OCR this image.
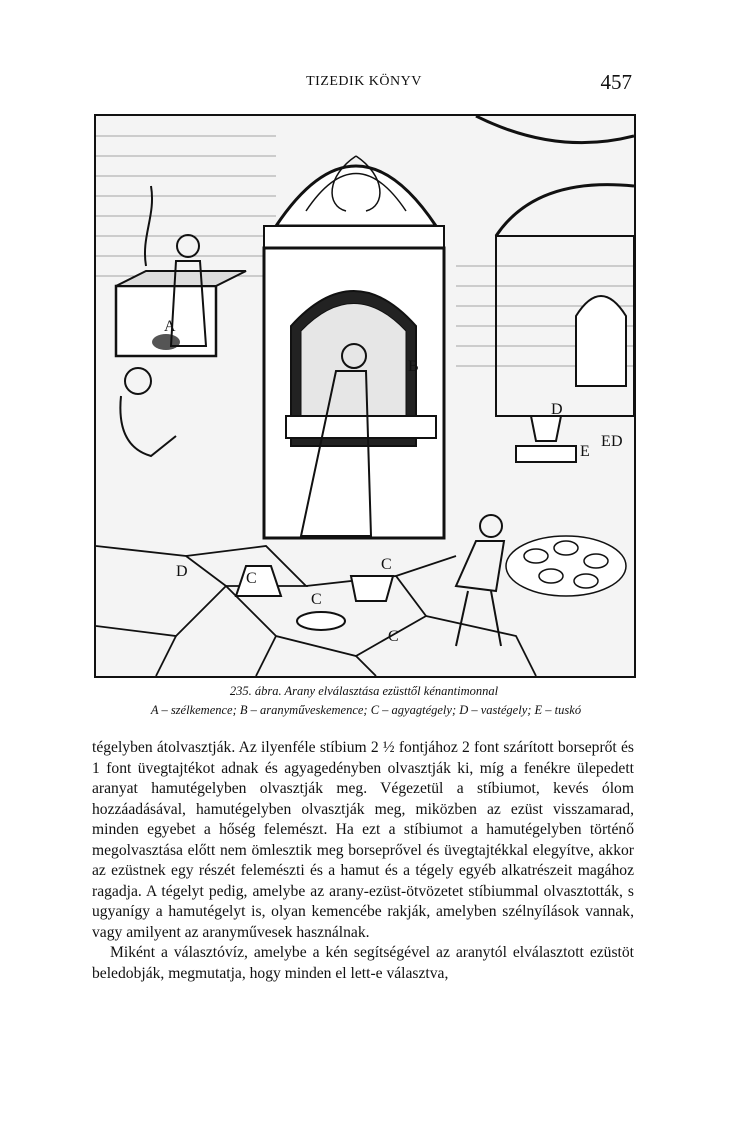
TIZEDIK KÖNYV	457
A
B
C
C
C
C
D
D
D
E
E
235. ábra. Arany elválasztása ezüsttől kénantimonnal
A – szélkemence; B – aranyműveskemence; C – agyagtégely; D – vastégely; E – tuskó

tégelyben átolvasztják. Az ilyenféle stíbium 2 ½ fontjához 2 font szárított borseprőt és 1 font üvegtajtékot adnak és agyagedényben olvasztják ki, míg a fenékre ülepedett aranyat hamutégelyben olvasztják meg. Végezetül a stíbiumot, kevés ólom hozzáadásával, hamutégelyben olvasztják meg, miközben az ezüst visszamarad, minden egyebet a hőség felemészt. Ha ezt a stíbiumot a hamutégelyben történő megolvasztása előtt nem ömlesztik meg borseprővel és üvegtajtékkal elegyítve, akkor az ezüstnek egy részét felemészti és a hamut és a tégely egyéb alkatrészeit magához ragadja. A tégelyt pedig, amelybe az arany-ezüst-ötvözetet stíbiummal olvasztották, s ugyanígy a hamutégelyt is, olyan kemencébe rakják, amelyben szélnyílások vannak, vagy amilyent az aranyművesek használnak.

Miként a választóvíz, amelybe a kén segítségével az aranytól elválasztott ezüstöt beledobják, megmutatja, hogy minden el lett-e választva,
